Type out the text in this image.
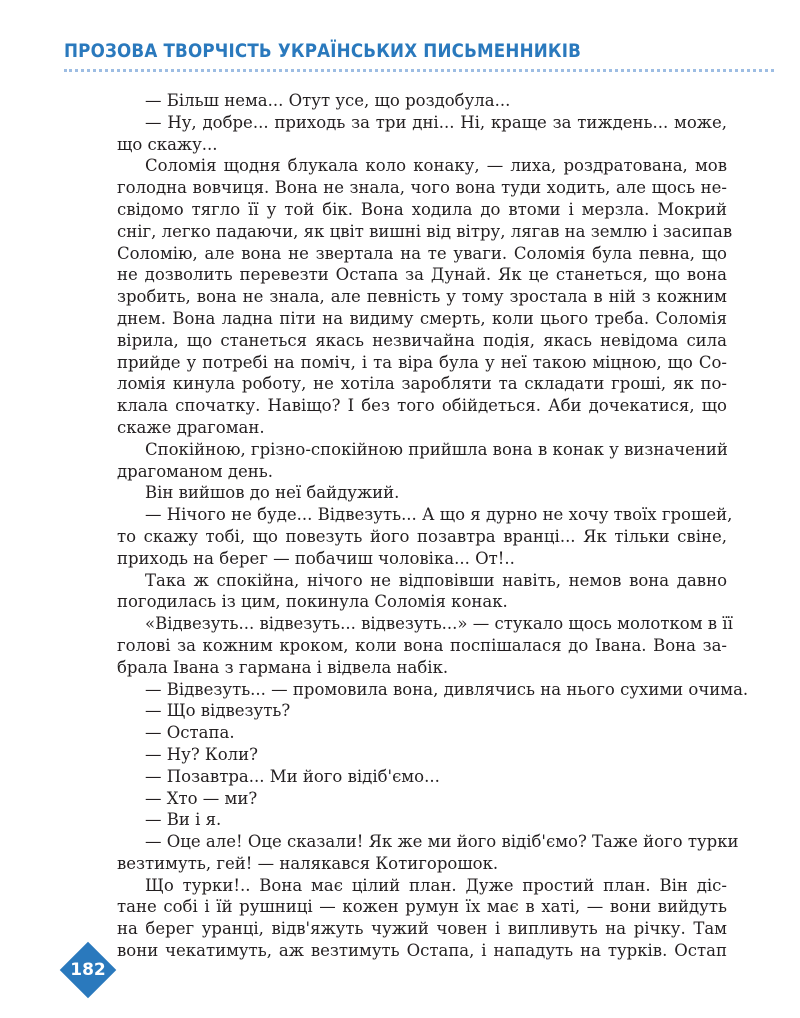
ПРОЗОВА ТВОРЧІСТЬ УКРАЇНСЬКИХ ПИСЬМЕННИКІВ
— Більш нема... Отут усе, що роздобула...
— Ну, добре... приходь за три дні... Ні, краще за тиждень... може,
що скажу...
Соломія щодня блукала коло конаку, — лиха, роздратована, мов
голодна вовчиця. Вона не знала, чого вона туди ходить, але щось не-
свідомо тягло її у той бік. Вона ходила до втоми і мерзла. Мокрий
сніг, легко падаючи, як цвіт вишні від вітру, лягав на землю і засипав
Соломію, але вона не звертала на те уваги. Соломія була певна, що
не дозволить перевезти Остапа за Дунай. Як це станеться, що вона
зробить, вона не знала, але певність у тому зростала в ній з кожним
днем. Вона ладна піти на видиму смерть, коли цього треба. Соломія
вірила, що станеться якась незвичайна подія, якась невідома сила
прийде у потребі на поміч, і та віра була у неї такою міцною, що Со-
ломія кинула роботу, не хотіла заробляти та складати гроші, як по-
клала спочатку. Навіщо? І без того обійдеться. Аби дочекатися, що
скаже драгоман.
Спокійною, грізно-спокійною прийшла вона в конак у визначений
драгоманом день.
Він вийшов до неї байдужий.
— Нічого не буде... Відвезуть... А що я дурно не хочу твоїх грошей,
то скажу тобі, що повезуть його позавтра вранці... Як тільки свіне,
приходь на берег — побачиш чоловіка... От!..
Така ж спокійна, нічого не відповівши навіть, немов вона давно
погодилась із цим, покинула Соломія конак.
«Відвезуть... відвезуть... відвезуть...» — стукало щось молотком в її
голові за кожним кроком, коли вона поспішалася до Івана. Вона за-
брала Івана з гармана і відвела набік.
— Відвезуть... — промовила вона, дивлячись на нього сухими очима.
— Що відвезуть?
— Остапа.
— Ну? Коли?
— Позавтра... Ми його відіб'ємо...
— Хто — ми?
— Ви і я.
— Оце але! Оце сказали! Як же ми його відіб'ємо? Таже його турки
везтимуть, гей! — налякався Котигорошок.
Що турки!.. Вона має цілий план. Дуже простий план. Він діс-
тане собі і їй рушниці — кожен румун їх має в хаті, — вони вийдуть
на берег уранці, відв'яжуть чужий човен і випливуть на річку. Там
вони чекатимуть, аж везтимуть Остапа, і нападуть на турків. Остап
182
